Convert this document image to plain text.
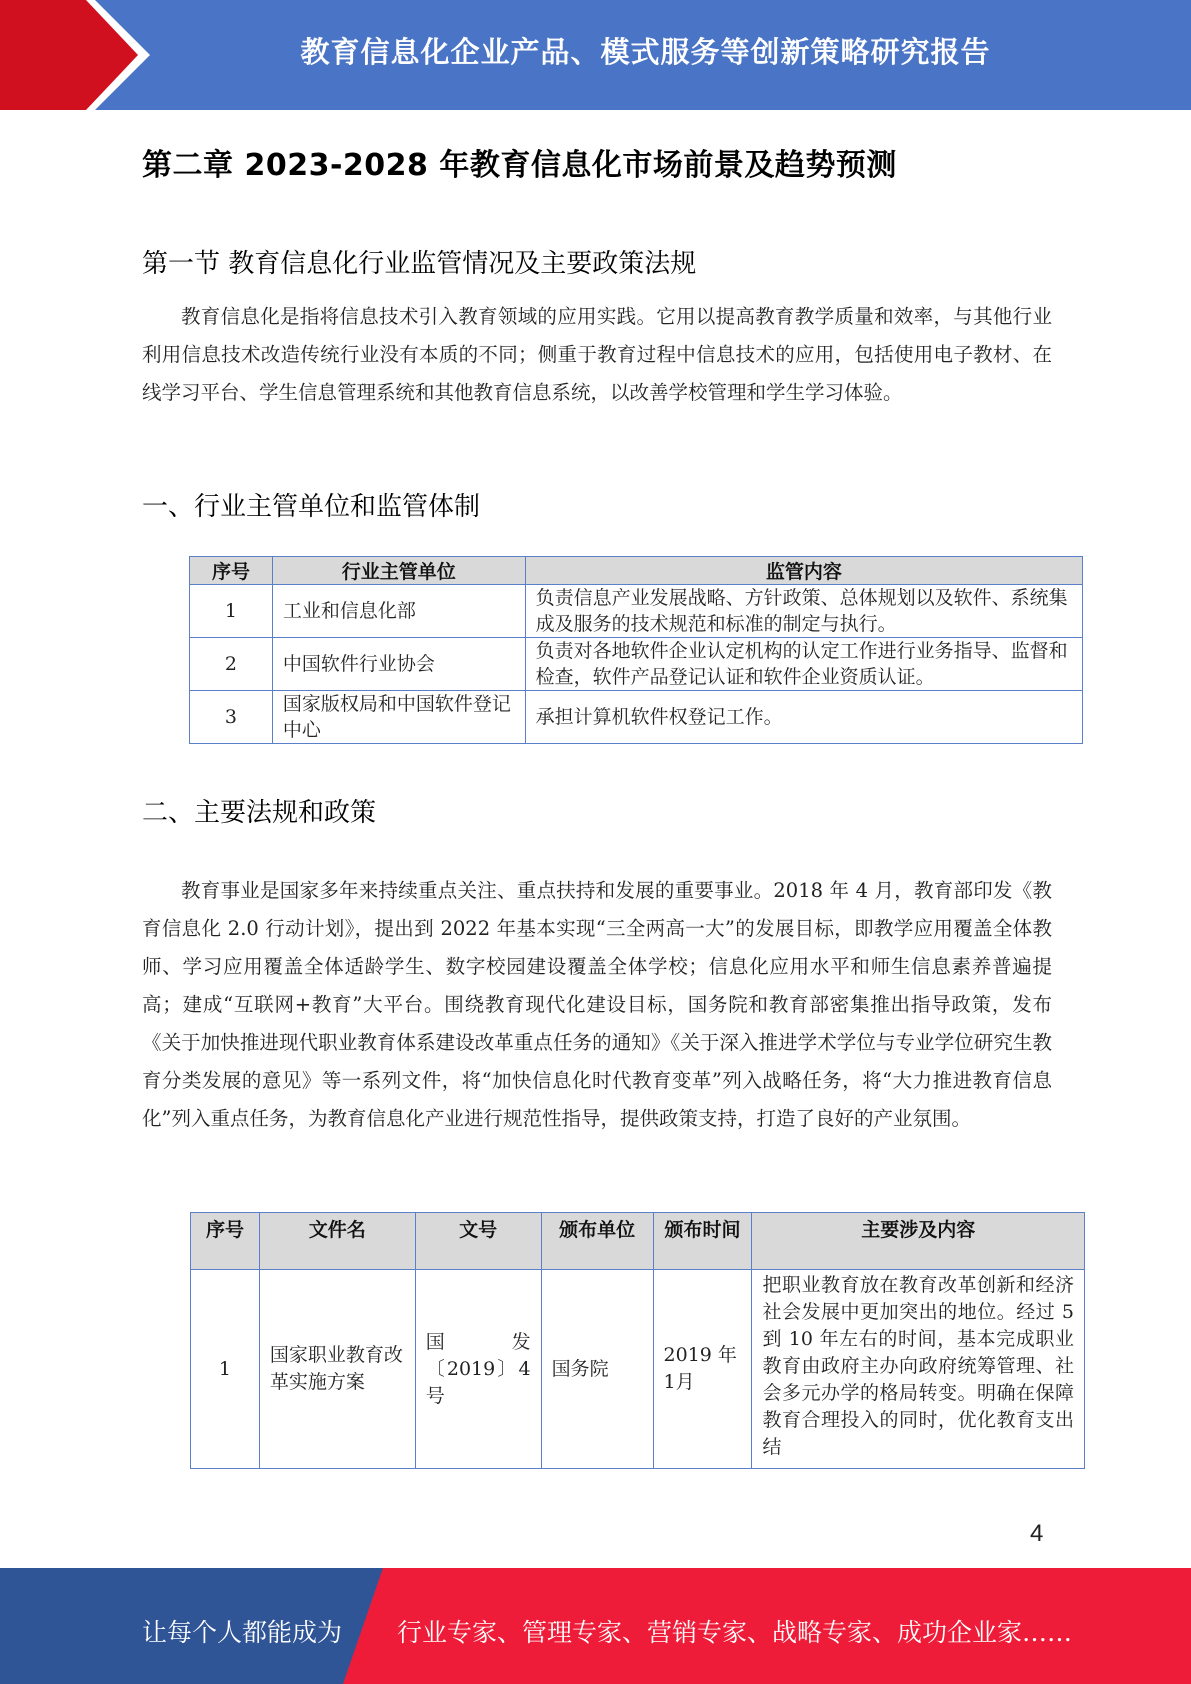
教育信息化企业产品、模式服务等创新策略研究报告
第二章 2023-2028 年教育信息化市场前景及趋势预测
第一节 教育信息化行业监管情况及主要政策法规

教育信息化是指将信息技术引入教育领域的应用实践。它用以提高教育教学质量和效率，与其他行业利用信息技术改造传统行业没有本质的不同；侧重于教育过程中信息技术的应用，包括使用电子教材、在线学习平台、学生信息管理系统和其他教育信息系统，以改善学校管理和学生学习体验。

一、行业主管单位和监管体制
序号	行业主管单位	监管内容
1	工业和信息化部	负责信息产业发展战略、方针政策、总体规划以及软件、系统集成及服务的技术规范和标准的制定与执行。
2	中国软件行业协会	负责对各地软件企业认定机构的认定工作进行业务指导、监督和检查，软件产品登记认证和软件企业资质认证。
3	国家版权局和中国软件登记中心	承担计算机软件权登记工作。
二、主要法规和政策

教育事业是国家多年来持续重点关注、重点扶持和发展的重要事业。2018 年 4 月，教育部印发《教育信息化 2.0 行动计划》，提出到 2022 年基本实现“三全两高一大”的发展目标，即教学应用覆盖全体教师、学习应用覆盖全体适龄学生、数字校园建设覆盖全体学校；信息化应用水平和师生信息素养普遍提高；建成“互联网+教育”大平台。围绕教育现代化建设目标，国务院和教育部密集推出指导政策，发布《关于加快推进现代职业教育体系建设改革重点任务的通知》《关于深入推进学术学位与专业学位研究生教育分类发展的意见》等一系列文件，将“加快信息化时代教育变革”列入战略任务，将“大力推进教育信息化”列入重点任务，为教育信息化产业进行规范性指导，提供政策支持，打造了良好的产业氛围。

序号	文件名	文号	颁布单位	颁布时间	主要涉及内容
1	国家职业教育改革实施方案	国 发〔2019〕4号	国务院	2019 年 1月	把职业教育放在教育改革创新和经济社会发展中更加突出的地位。经过 5 到 10 年左右的时间，基本完成职业教育由政府主办向政府统筹管理、社会多元办学的格局转变。明确在保障教育合理投入的同时，优化教育支出结
4
让每个人都能成为 行业专家、管理专家、营销专家、战略专家、成功企业家……
